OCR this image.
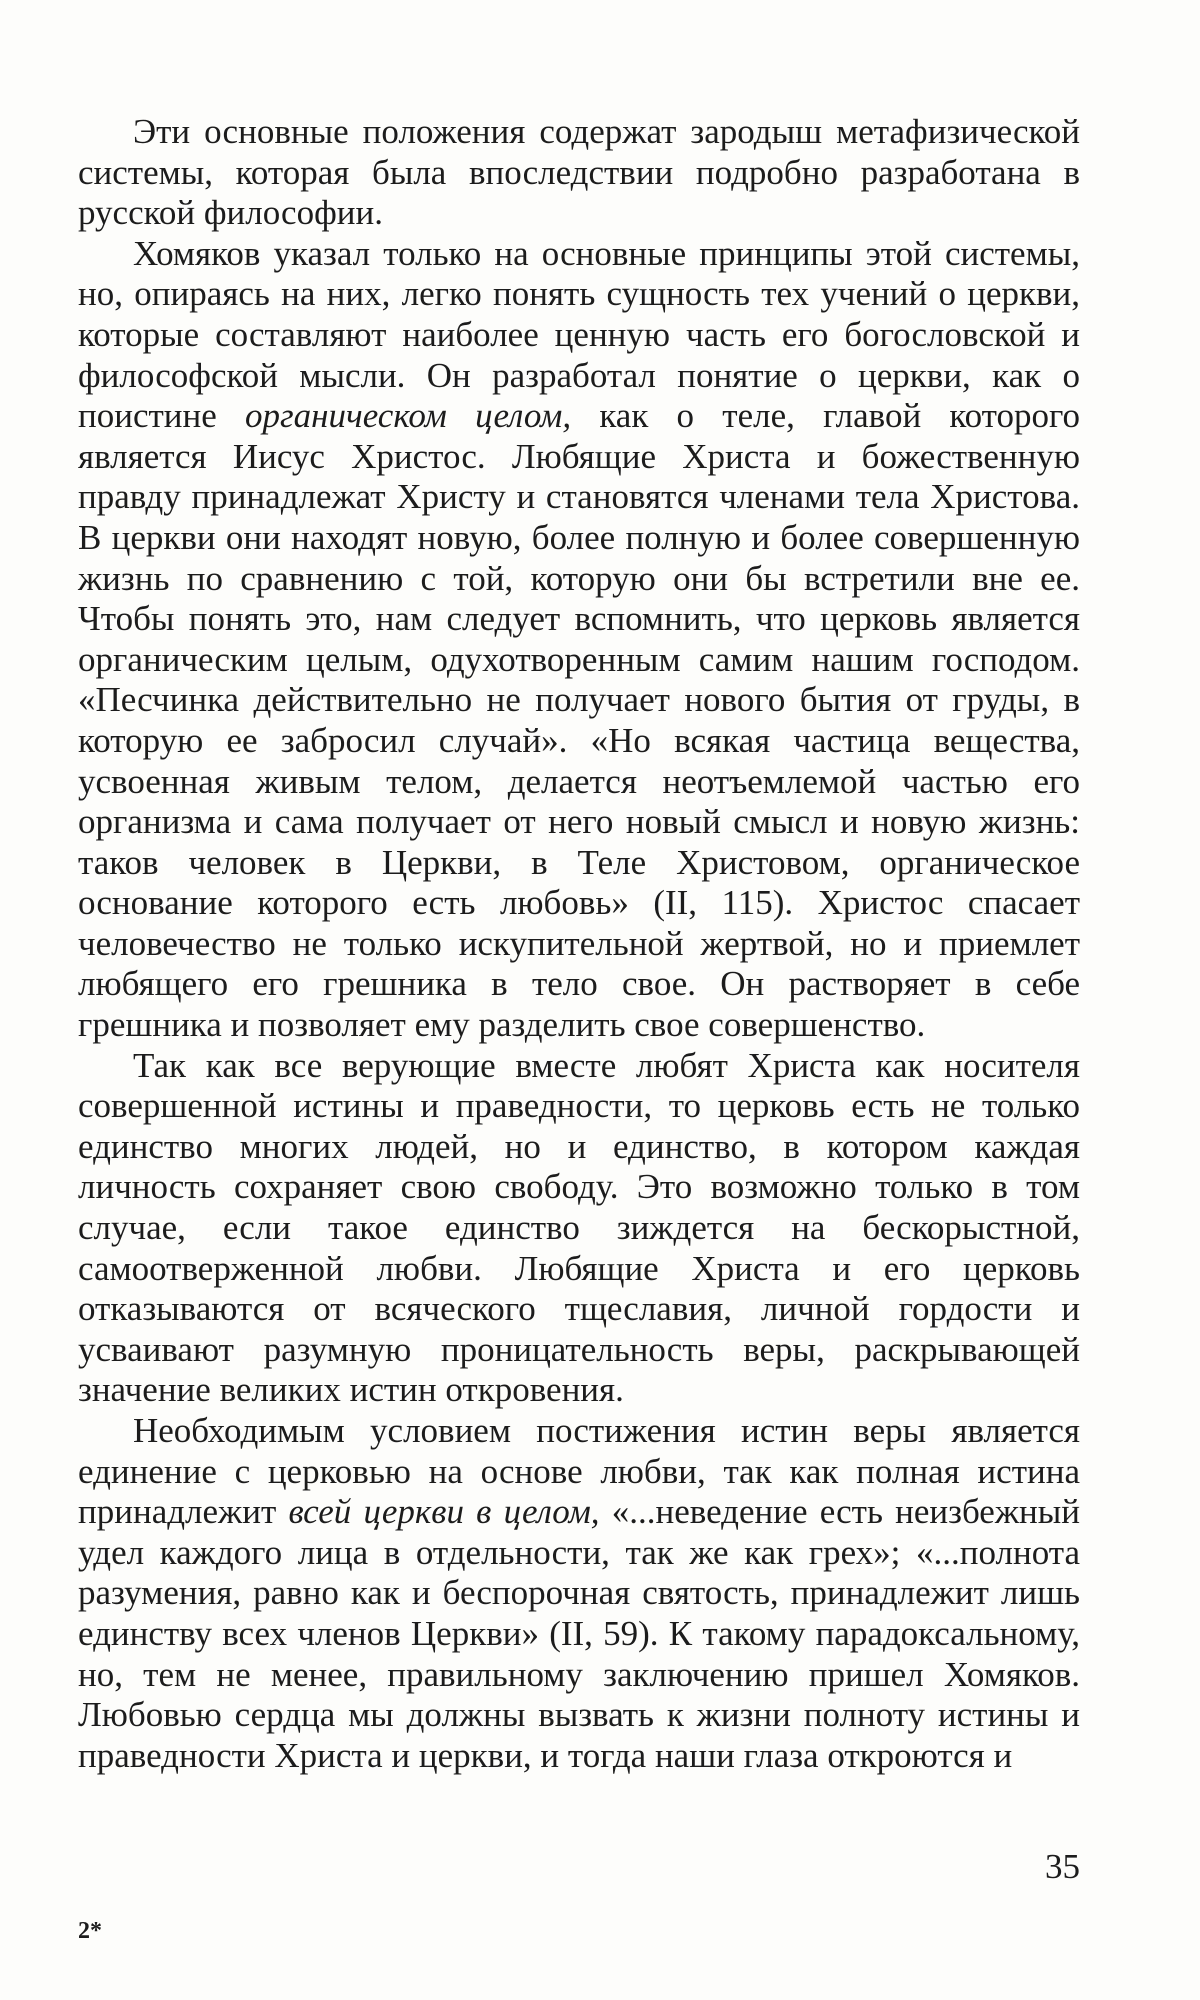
Эти основные положения содержат зародыш метафизической системы, которая была впоследствии подробно разработана в русской философии.

Хомяков указал только на основные принципы этой системы, но, опираясь на них, легко понять сущность тех учений о церкви, которые составляют наиболее ценную часть его богословской и философской мысли. Он разработал понятие о церкви, как о поистине органическом целом, как о теле, главой которого является Иисус Христос. Любящие Христа и божественную правду принадлежат Христу и становятся членами тела Христова. В церкви они находят новую, более полную и более совершенную жизнь по сравнению с той, которую они бы встретили вне ее. Чтобы понять это, нам следует вспомнить, что церковь является органическим целым, одухотворенным самим нашим господом. «Песчинка действительно не получает нового бытия от груды, в которую ее забросил случай». «Но всякая частица вещества, усвоенная живым телом, делается неотъемлемой частью его организма и сама получает от него новый смысл и новую жизнь: таков человек в Церкви, в Теле Христовом, органическое основание которого есть любовь» (II, 115). Христос спасает человечество не только искупительной жертвой, но и приемлет любящего его грешника в тело свое. Он растворяет в себе грешника и позволяет ему разделить свое совершенство.

Так как все верующие вместе любят Христа как носителя совершенной истины и праведности, то церковь есть не только единство многих людей, но и единство, в котором каждая личность сохраняет свою свободу. Это возможно только в том случае, если такое единство зиждется на бескорыстной, самоотверженной любви. Любящие Христа и его церковь отказываются от всяческого тщеславия, личной гордости и усваивают разумную проницательность веры, раскрывающей значение великих истин откровения.

Необходимым условием постижения истин веры является единение с церковью на основе любви, так как полная истина принадлежит всей церкви в целом, «...неведение есть неизбежный удел каждого лица в отдельности, так же как грех»; «...полнота разумения, равно как и беспорочная святость, принадлежит лишь единству всех членов Церкви» (II, 59). К такому парадоксальному, но, тем не менее, правильному заключению пришел Хомяков. Любовью сердца мы должны вызвать к жизни полноту истины и праведности Христа и церкви, и тогда наши глаза откроются и

35
2*
